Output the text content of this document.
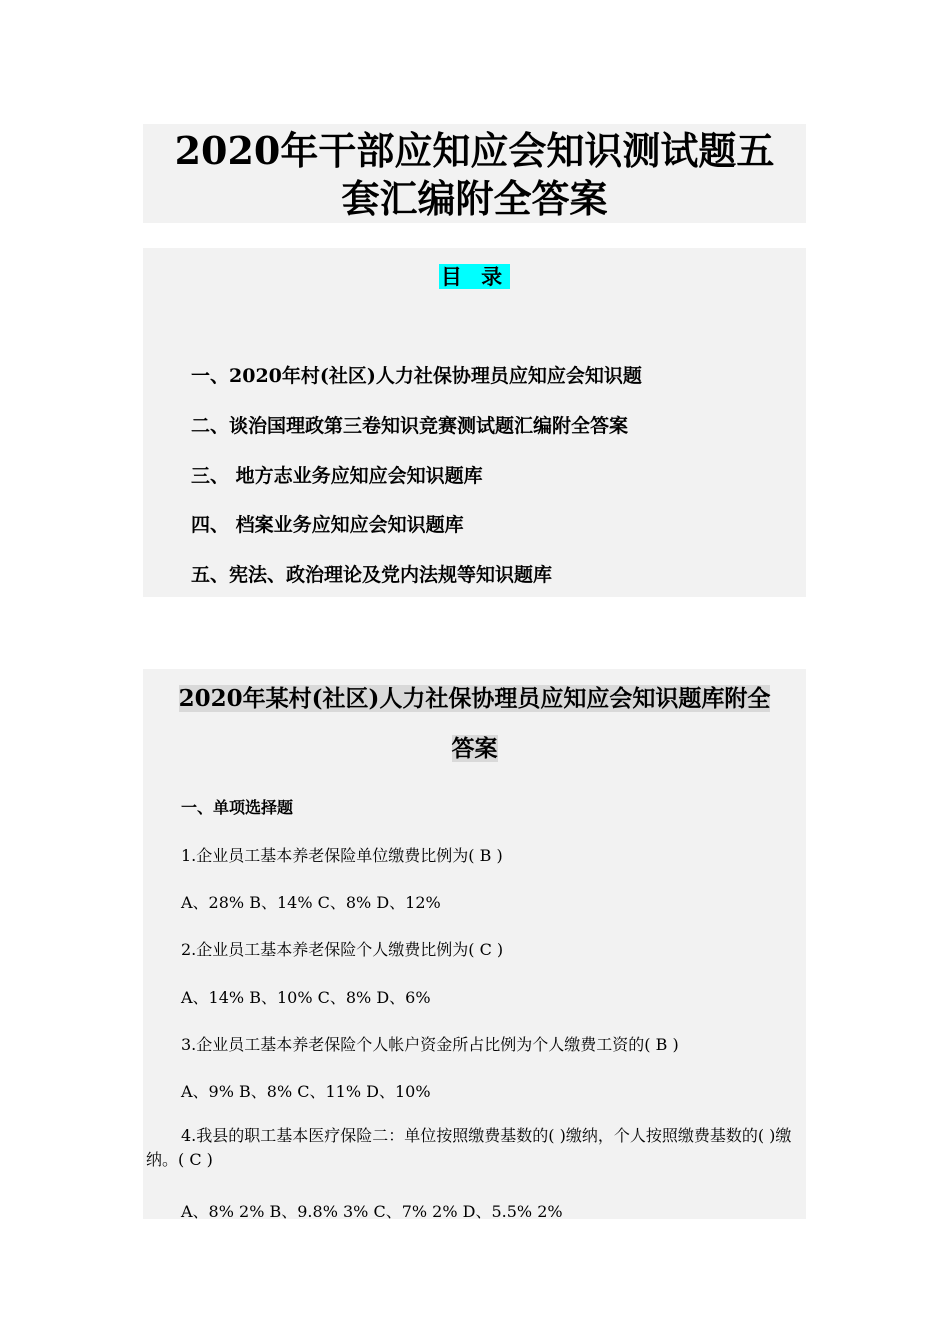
2020年干部应知应会知识测试题五
套汇编附全答案
目 录
一、2020年村(社区)人力社保协理员应知应会知识题
二、谈治国理政第三卷知识竞赛测试题汇编附全答案
三、 地方志业务应知应会知识题库
四、 档案业务应知应会知识题库
五、宪法、政治理论及党内法规等知识题库
2020年某村(社区)人力社保协理员应知应会知识题库附全
答案
一、单项选择题
1.企业员工基本养老保险单位缴费比例为( B )
A、28% B、14% C、8% D、12%
2.企业员工基本养老保险个人缴费比例为( C )
A、14% B、10% C、8% D、6%
3.企业员工基本养老保险个人帐户资金所占比例为个人缴费工资的( B )
A、9% B、8% C、11% D、10%
4.我县的职工基本医疗保险二：单位按照缴费基数的( )缴纳，个人按照缴费基数的( )缴纳。( C )
A、8% 2% B、9.8% 3% C、7% 2% D、5.5% 2%
